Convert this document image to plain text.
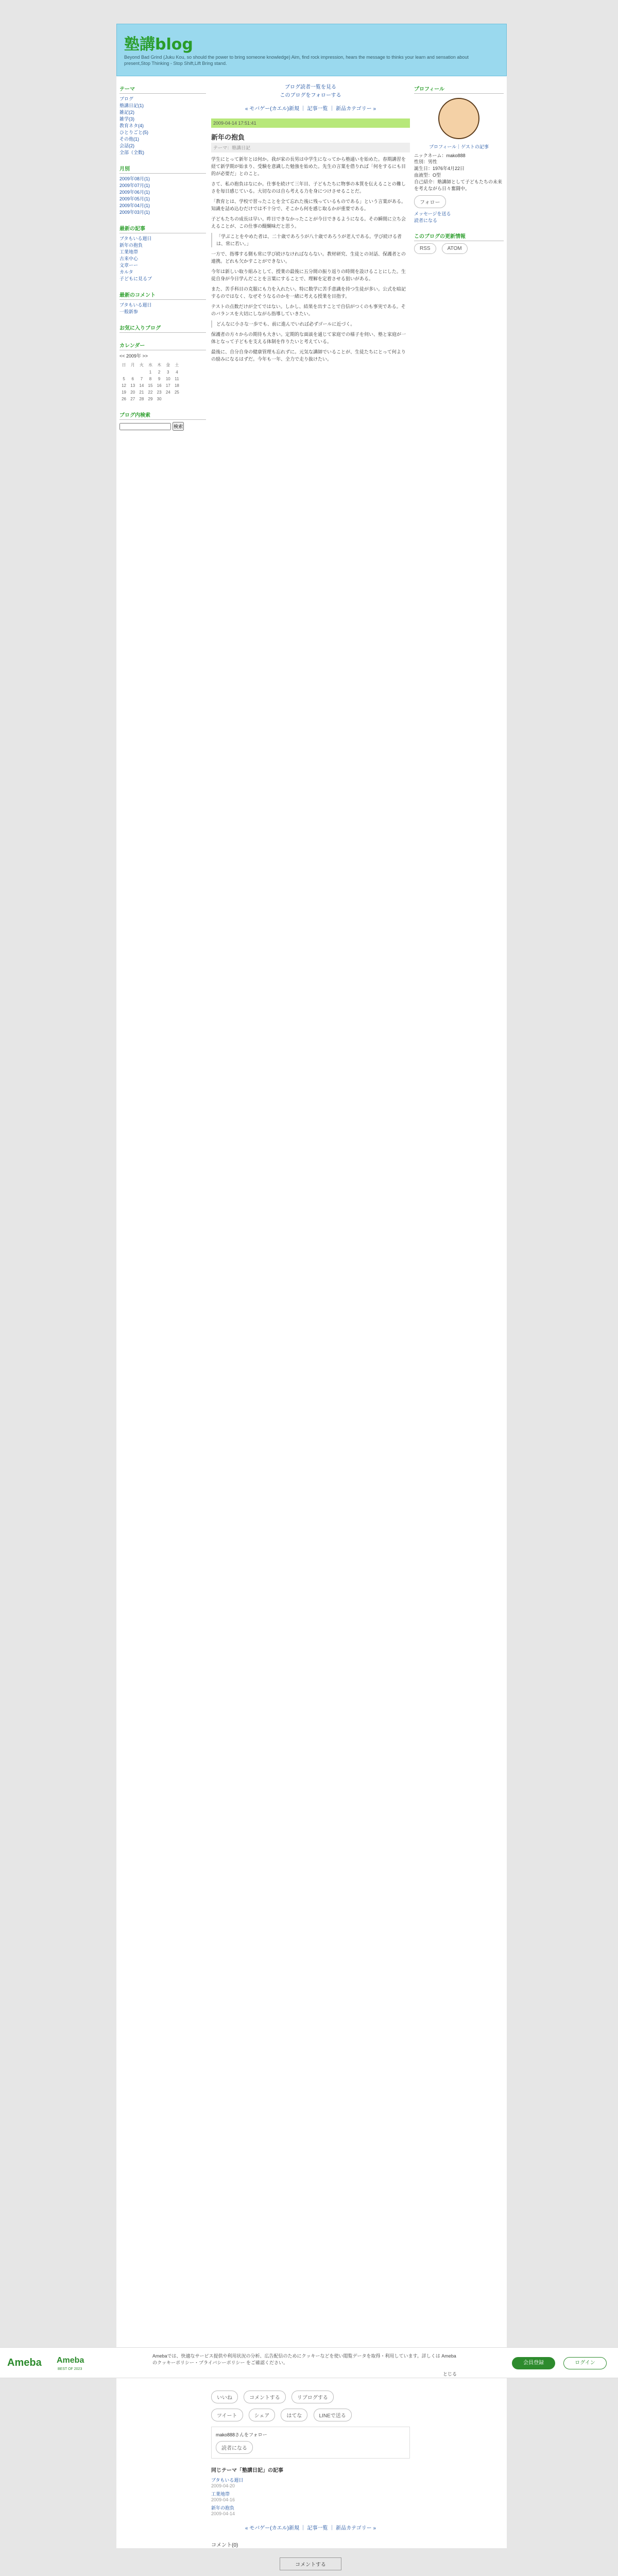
塾講blog
Beyond Bad Grind (Juku Kou, so should the power to bring someone knowledge) Aim, find rock impression, hears the message to thinks your learn and sensation about present,Stop Thinking - Stop Shift,Lift Bring stand.
テーマ
ブログ
塾講日記(1)
雑記(2)
雑学(3)
教育ネタ(4)
ひとりごと(5)
その他(1)
会話(2)
全部（全数)
月別
2009年08月(1)
2009年07月(1)
2009年06月(1)
2009年05月(1)
2009年04月(1)
2009年03月(1)
最新の記事
ブタもいる週日
新年の抱負
工業地帯
古来中心
文章ーー
カルタ
子どもに見るブ
最新のコメント
ブタもいる週日
一般新参
お気に入りブログ
カレンダー
<< 2009年 >>
日	月	火	水	木	金	土
			1	2	3	4
5	6	7	8	9	10	11
12	13	14	15	16	17	18
19	20	21	22	23	24	25
26	27	28	29	30		
ブログ内検索
検索
ブログ読者一覧を見る
このブログをフォローする
« モバゲー(カエル)新規 ｜ 記事一覧 ｜ 新品カテゴリー »
2009-04-14 17:51:41
新年の抱負
テーマ：塾講日記

学生にとって新年とは何か。我が家の長男は中学生になってから塾通いを始めた。春期講習を経て新学期が始まり、受験を意識した勉強を始めた。先生の言葉を借りれば「何をするにも目的が必要だ」とのこと。

さて、私の抱負はなにか。仕事を続けて三年目、子どもたちに物事の本質を伝えることの難しさを毎日感じている。大切なのは自ら考える力を身につけさせることだ。

「教育とは、学校で習ったことを全て忘れた後に残っているものである」という言葉がある。知識を詰め込むだけでは不十分で、そこから何を感じ取るかが重要である。

子どもたちの成長は早い。昨日できなかったことが今日できるようになる。その瞬間に立ち会えることが、この仕事の醍醐味だと思う。

「学ぶことをやめた者は、二十歳であろうが八十歳であろうが老人である。学び続ける者は、常に若い。」

一方で、指導する側も常に学び続けなければならない。教材研究、生徒との対話、保護者との連携。どれも欠かすことができない。

今年は新しい取り組みとして、授業の最後に五分間の振り返りの時間を設けることにした。生徒自身が今日学んだことを言葉にすることで、理解を定着させる狙いがある。

また、苦手科目の克服にも力を入れたい。特に数学に苦手意識を持つ生徒が多い。公式を暗記するのではなく、なぜそうなるのかを一緒に考える授業を目指す。

テストの点数だけが全てではない。しかし、結果を出すことで自信がつくのも事実である。そのバランスを大切にしながら指導していきたい。

どんなに小さな一歩でも、前に進んでいれば必ずゴールに近づく。

保護者の方々からの期待も大きい。定期的な面談を通じて家庭での様子を伺い、塾と家庭が一体となって子どもを支える体制を作りたいと考えている。

最後に、自分自身の健康管理も忘れずに。元気な講師でいることが、生徒たちにとって何よりの励みになるはずだ。今年も一年、全力で走り抜けたい。

プロフィール
プロフィール｜ゲストの記事
ニックネーム：mako888
性別：男性
誕生日：1976年4月22日
血液型：O型
自己紹介：塾講師として子どもたちの未来を考えながら日々奮闘中。
フォロー
メッセージを送る
読者になる
このブログの更新情報
RSS	ATOM
Ameba Ameba
BEST OF 2023
Amebaでは、快適なサービス提供や利用状況の分析、広告配信のためにクッキーなどを使い閲覧データを取得・利用しています。詳しくは Amebaのクッキーポリシー・プライバシーポリシー をご確認ください。
とじる
会員登録	ログイン
いいね	コメントする	リブログする
ツイート	シェア	はてな	LINEで送る
mako888さんをフォロー
読者になる
同じテーマ「塾講日記」の記事
ブタもいる週日
2009-04-20
工業地帯
2009-04-16
新年の抱負
2009-04-14
« モバゲー(カエル)新規 ｜ 記事一覧 ｜ 新品カテゴリー »
コメント(0)
コメントする
